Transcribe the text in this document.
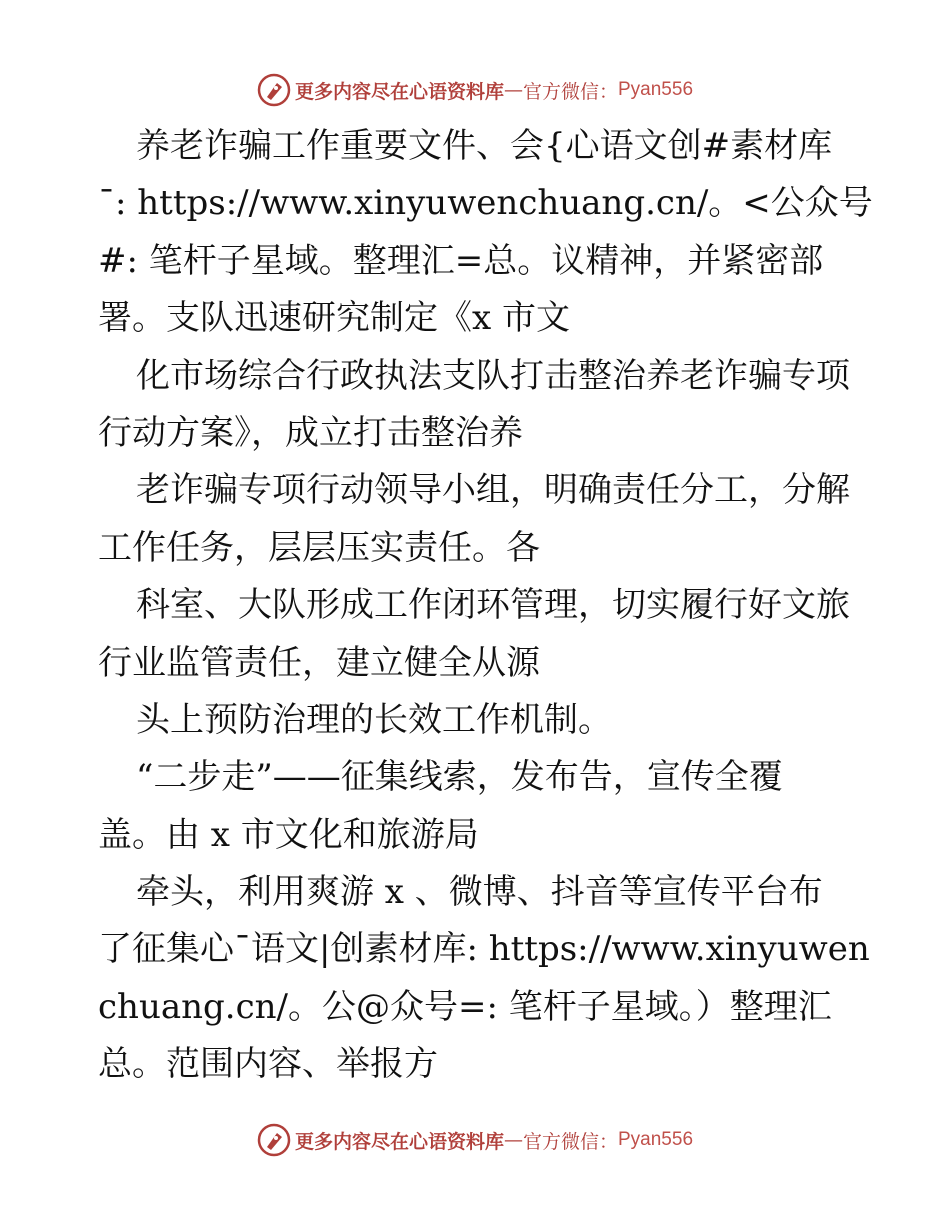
更多内容尽在心语资料库 — 官方微信： Pyan556
养老诈骗工作重要文件、会{心语文创#素材库
¯: https://www.xinyuwenchuang.cn/。<公众号
#: 笔杆子星域。整理汇=总。议精神，并紧密部
署。支队迅速研究制定《x 市文
化市场综合行政执法支队打击整治养老诈骗专项
行动方案》，成立打击整治养
老诈骗专项行动领导小组，明确责任分工，分解
工作任务，层层压实责任。各
科室、大队形成工作闭环管理，切实履行好文旅
行业监管责任，建立健全从源
头上预防治理的长效工作机制。
“二步走”——征集线索，发布告，宣传全覆
盖。由 x 市文化和旅游局
牵头，利用爽游 x 、微博、抖音等宣传平台布
了征集心¯语文|创素材库: https://www.xinyuwen
chuang.cn/。公@众号=: 笔杆子星域。）整理汇
总。范围内容、举报方
更多内容尽在心语资料库 — 官方微信： Pyan556
